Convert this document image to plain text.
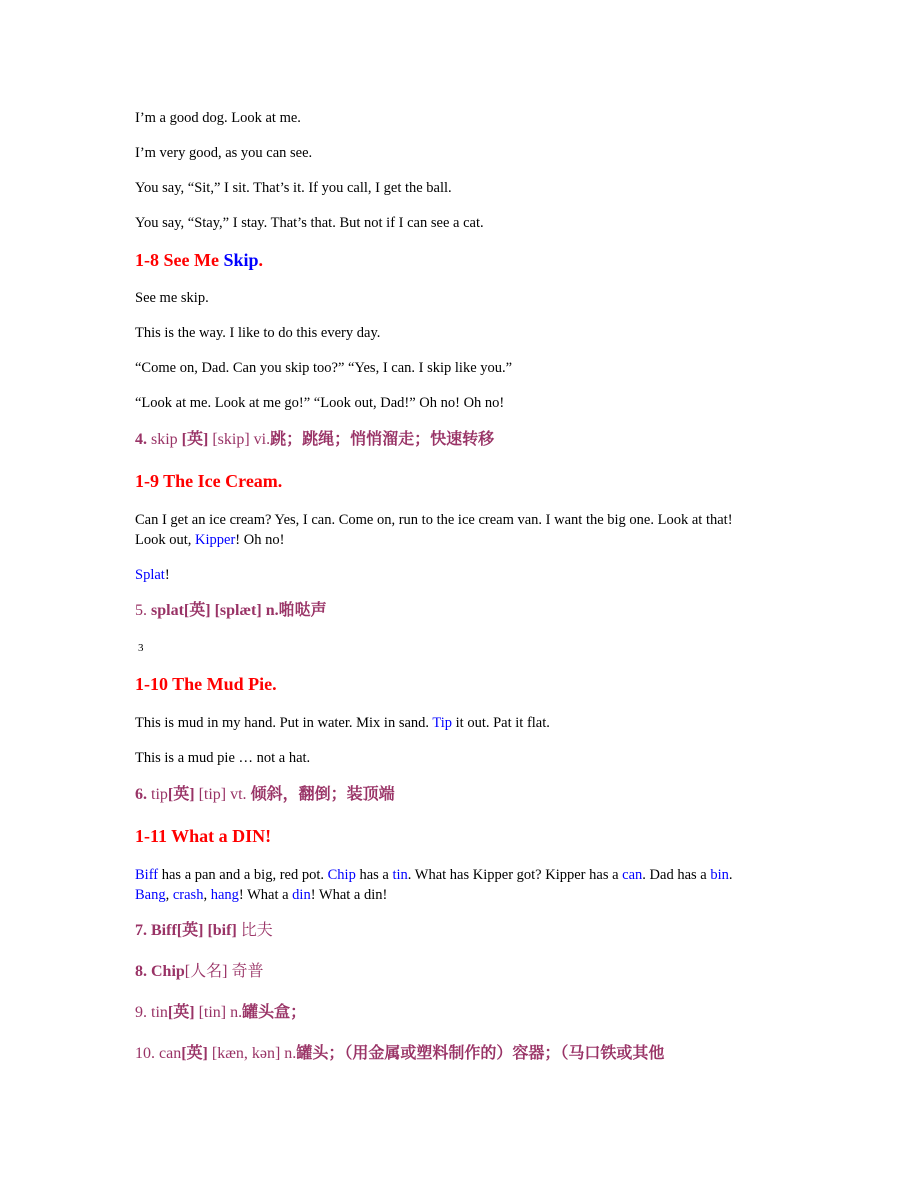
I’m a good dog. Look at me.
I’m very good, as you can see.
You say, “Sit,” I sit. That’s it. If you call, I get the ball.
You say, “Stay,” I stay. That’s that. But not if I can see a cat.
1-8 See Me Skip.
See me skip.
This is the way. I like to do this every day.
“Come on, Dad. Can you skip too?” “Yes, I can. I skip like you.”
“Look at me. Look at me go!” “Look out, Dad!” Oh no! Oh no!
4. skip [英] [skip] vi.跳；跳绳；悄悄溜走；快速转移
1-9 The Ice Cream.
Can I get an ice cream? Yes, I can. Come on, run to the ice cream van. I want the big one. Look at that!
Look out, Kipper! Oh no!
Splat!
5. splat[英] [splæt] n.啪哒声
3
1-10 The Mud Pie.
This is mud in my hand. Put in water. Mix in sand. Tip it out. Pat it flat.
This is a mud pie … not a hat.
6. tip[英] [tip] vt. 倾斜，翻倒；装顶端
1-11 What a DIN!
Biff has a pan and a big, red pot. Chip has a tin. What has Kipper got? Kipper has a can. Dad has a bin.
Bang, crash, hang! What a din! What a din!
7. Biff[英] [bif] 比夫
8. Chip[人名] 奇普
9. tin[英] [tin] n.罐头盒；
10. can[英] [kæn, kən] n.罐头；（用金属或塑料制作的）容器；（马口铁或其他
